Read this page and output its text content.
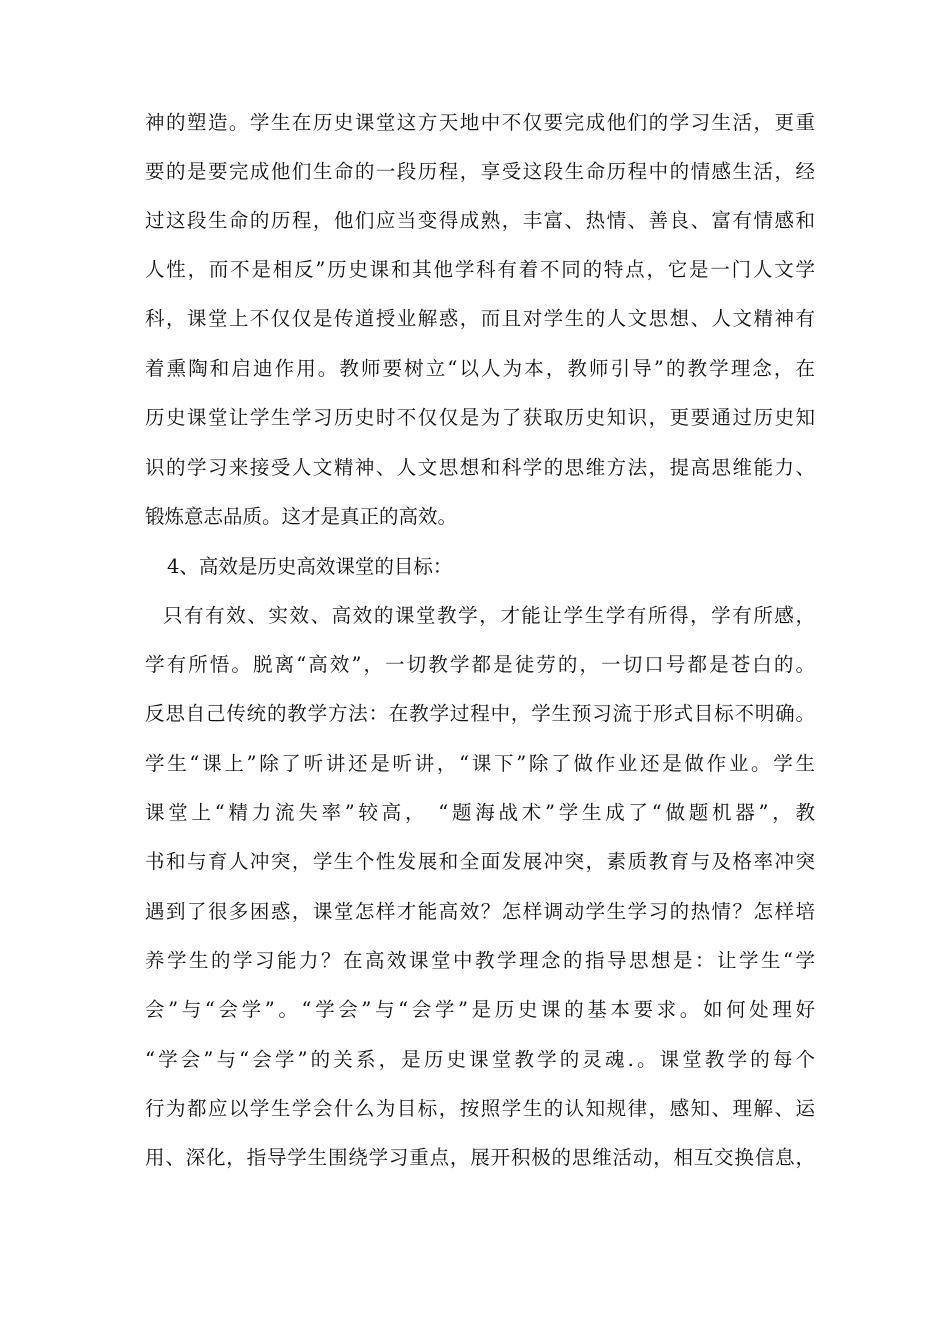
神的塑造。学生在历史课堂这方天地中不仅要完成他们的学习生活，更重
要的是要完成他们生命的一段历程，享受这段生命历程中的情感生活，经
过这段生命的历程，他们应当变得成熟，丰富、热情、善良、富有情感和
人性，而不是相反”历史课和其他学科有着不同的特点，它是一门人文学
科，课堂上不仅仅是传道授业解惑，而且对学生的人文思想、人文精神有
着熏陶和启迪作用。教师要树立“以人为本，教师引导”的教学理念，在
历史课堂让学生学习历史时不仅仅是为了获取历史知识，更要通过历史知
识的学习来接受人文精神、人文思想和科学的思维方法，提高思维能力、
锻炼意志品质。这才是真正的高效。
4、高效是历史高效课堂的目标：
只有有效、实效、高效的课堂教学，才能让学生学有所得，学有所感，
学有所悟。脱离“高效”，一切教学都是徒劳的，一切口号都是苍白的。
反思自己传统的教学方法：在教学过程中，学生预习流于形式目标不明确。
学生“课上”除了听讲还是听讲，“课下”除了做作业还是做作业。学生
课堂上“精力流失率”较高， “题海战术”学生成了“做题机器”，教
书和与育人冲突，学生个性发展和全面发展冲突，素质教育与及格率冲突
遇到了很多困惑，课堂怎样才能高效？怎样调动学生学习的热情？怎样培
养学生的学习能力？在高效课堂中教学理念的指导思想是：让学生“学
会”与“会学”。“学会”与“会学”是历史课的基本要求。如何处理好
“学会”与“会学”的关系，是历史课堂教学的灵魂.。课堂教学的每个
行为都应以学生学会什么为目标，按照学生的认知规律，感知、理解、运
用、深化，指导学生围绕学习重点，展开积极的思维活动，相互交换信息，
